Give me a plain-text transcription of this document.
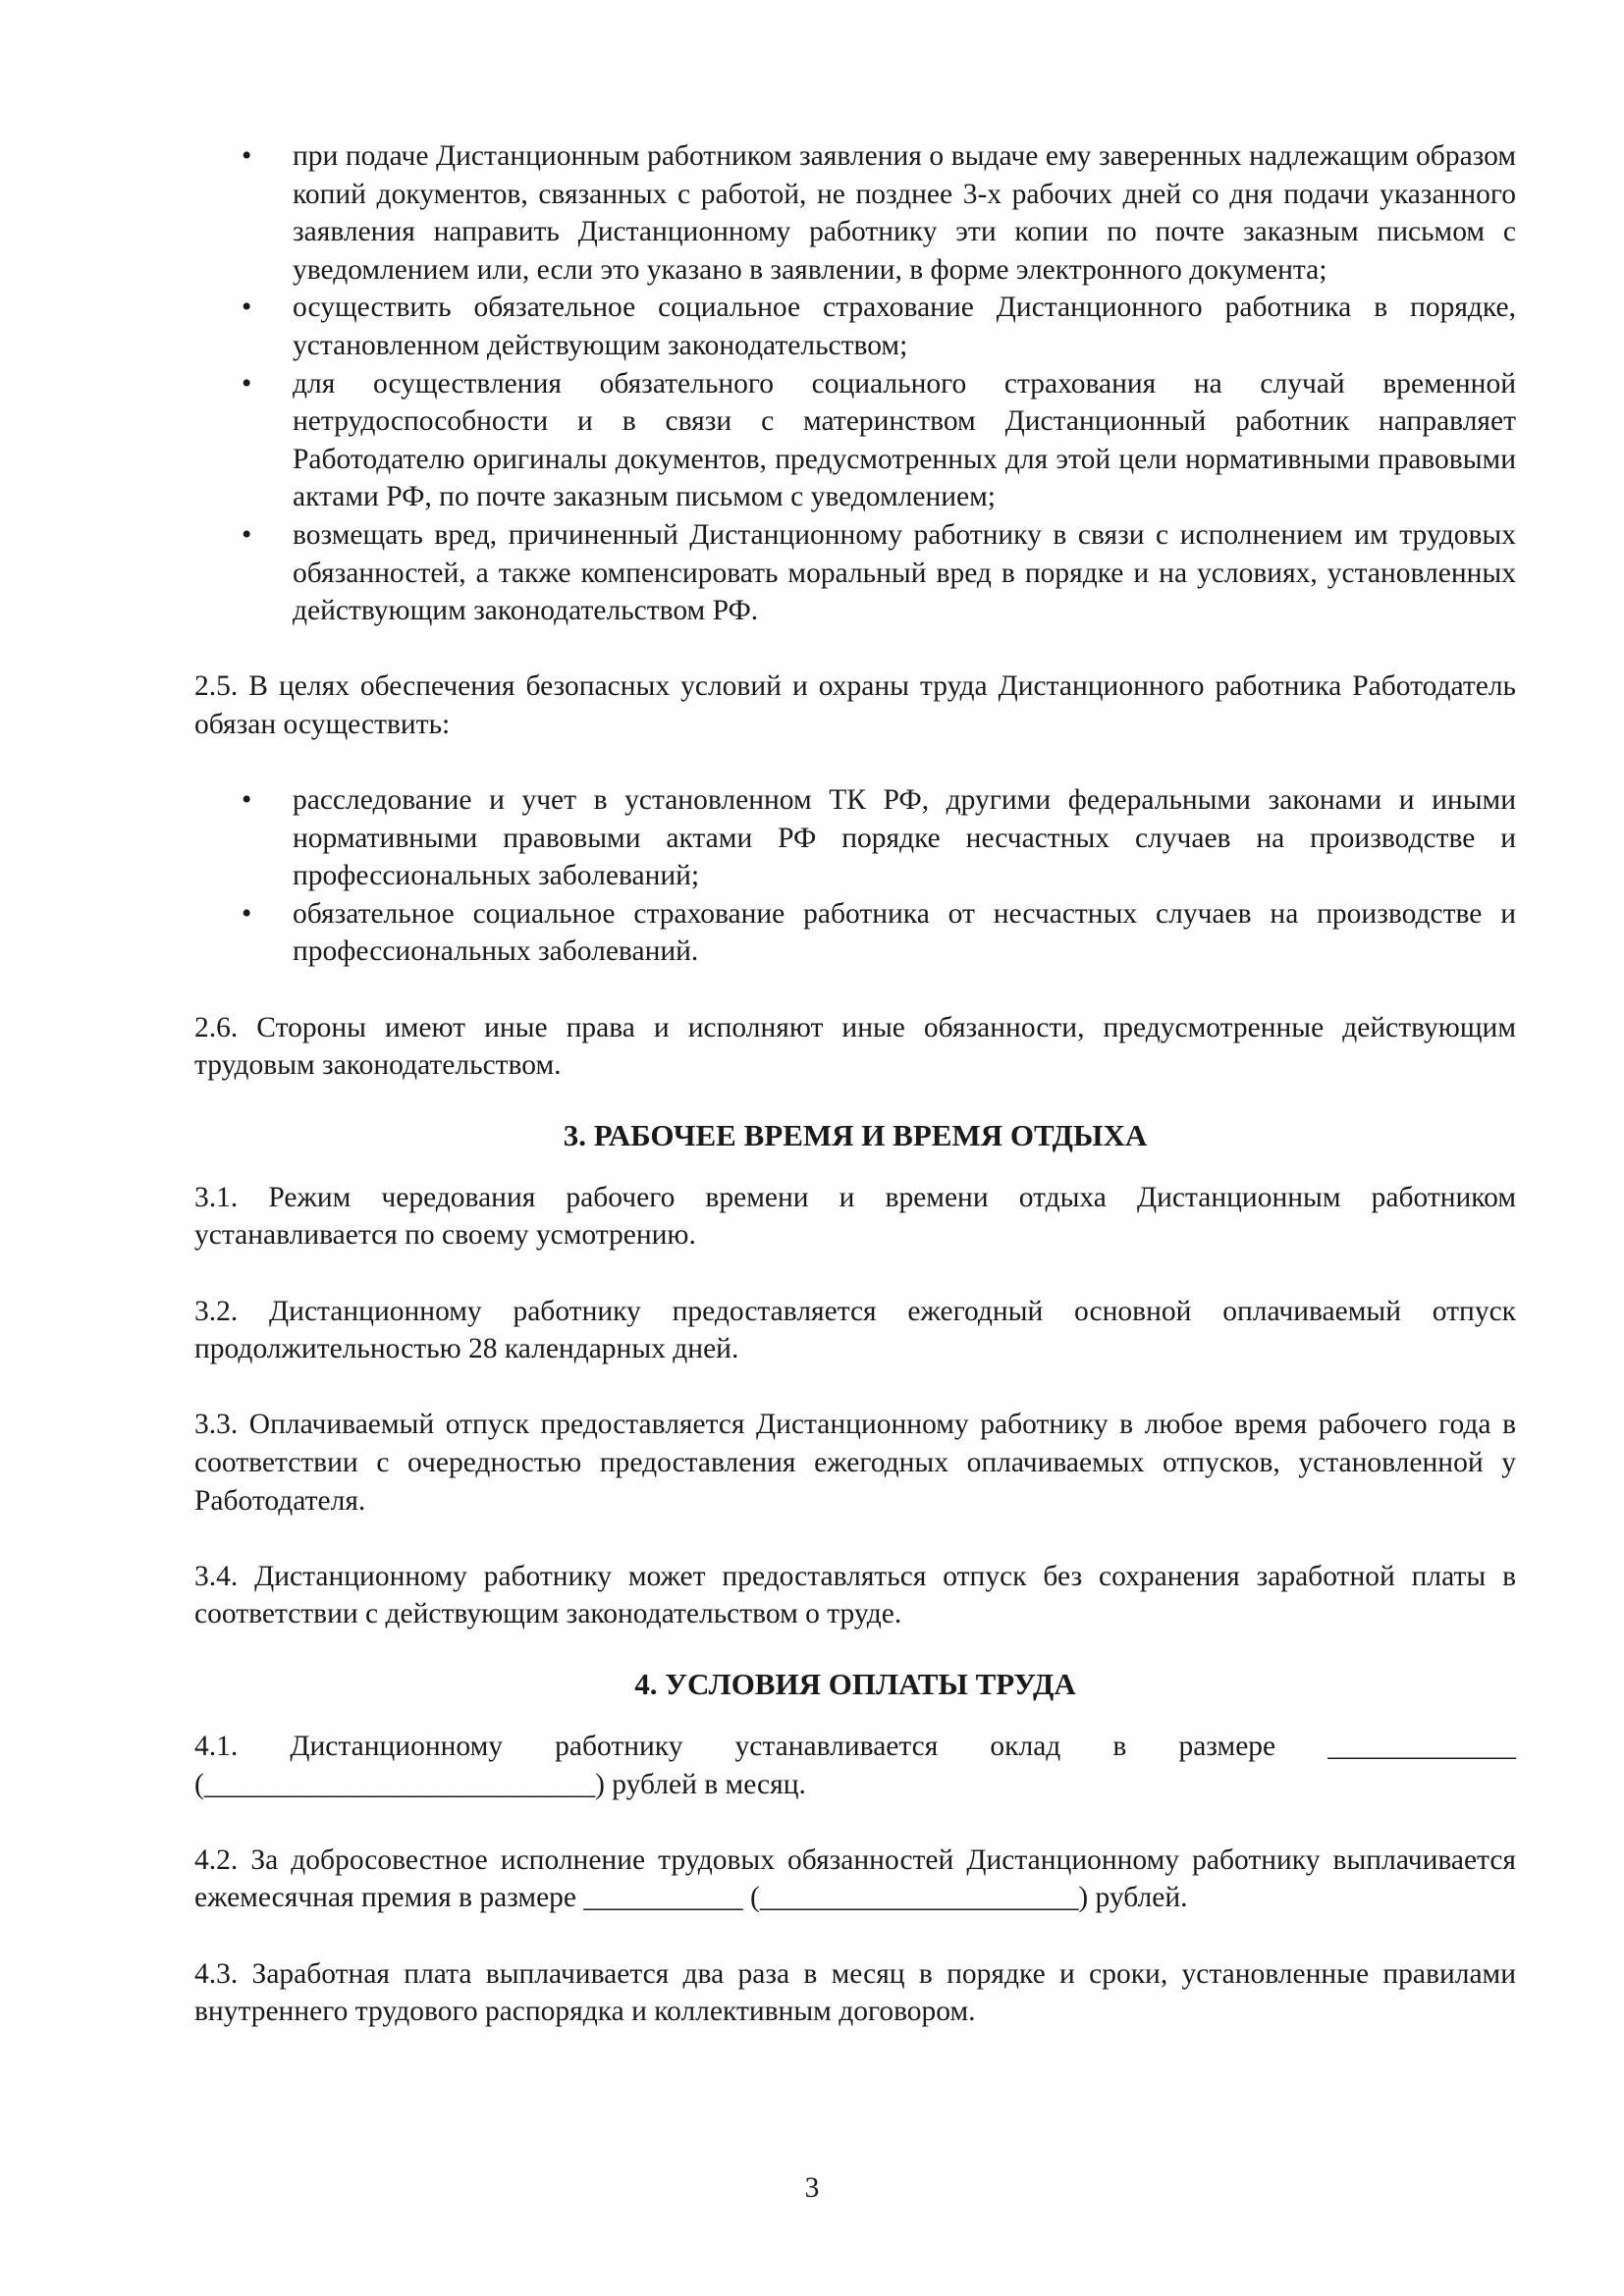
•	при подаче Дистанционным работником заявления о выдаче ему заверенных надлежащим образом копий документов, связанных с работой, не позднее 3-х рабочих дней со дня подачи указанного заявления направить Дистанционному работнику эти копии по почте заказным письмом с уведомлением или, если это указано в заявлении, в форме электронного документа;
•	осуществить обязательное социальное страхование Дистанционного работника в порядке, установленном действующим законодательством;
•	для осуществления обязательного социального страхования на случай временной нетрудоспособности и в связи с материнством Дистанционный работник направляет Работодателю оригиналы документов, предусмотренных для этой цели нормативными правовыми актами РФ, по почте заказным письмом с уведомлением;
•	возмещать вред, причиненный Дистанционному работнику в связи с исполнением им трудовых обязанностей, а также компенсировать моральный вред в порядке и на условиях, установленных действующим законодательством РФ.

2.5. В целях обеспечения безопасных условий и охраны труда Дистанционного работника Работодатель обязан осуществить:

•	расследование и учет в установленном ТК РФ, другими федеральными законами и иными нормативными правовыми актами РФ порядке несчастных случаев на производстве и профессиональных заболеваний;
•	обязательное социальное страхование работника от несчастных случаев на производстве и профессиональных заболеваний.

2.6. Стороны имеют иные права и исполняют иные обязанности, предусмотренные действующим трудовым законодательством.

3. РАБОЧЕЕ ВРЕМЯ И ВРЕМЯ ОТДЫХА

3.1. Режим чередования рабочего времени и времени отдыха Дистанционным работником устанавливается по своему усмотрению.

3.2. Дистанционному работнику предоставляется ежегодный основной оплачиваемый отпуск продолжительностью 28 календарных дней.

3.3. Оплачиваемый отпуск предоставляется Дистанционному работнику в любое время рабочего года в соответствии с очередностью предоставления ежегодных оплачиваемых отпусков, установленной у Работодателя.

3.4. Дистанционному работнику может предоставляться отпуск без сохранения заработной платы в соответствии с действующим законодательством о труде.

4. УСЛОВИЯ ОПЛАТЫ ТРУДА

4.1. Дистанционному работнику устанавливается оклад в размере _____________ (___________________________) рублей в месяц.

4.2. За добросовестное исполнение трудовых обязанностей Дистанционному работнику выплачивается ежемесячная премия в размере ___________ (______________________) рублей.

4.3. Заработная плата выплачивается два раза в месяц в порядке и сроки, установленные правилами внутреннего трудового распорядка и коллективным договором.

3
